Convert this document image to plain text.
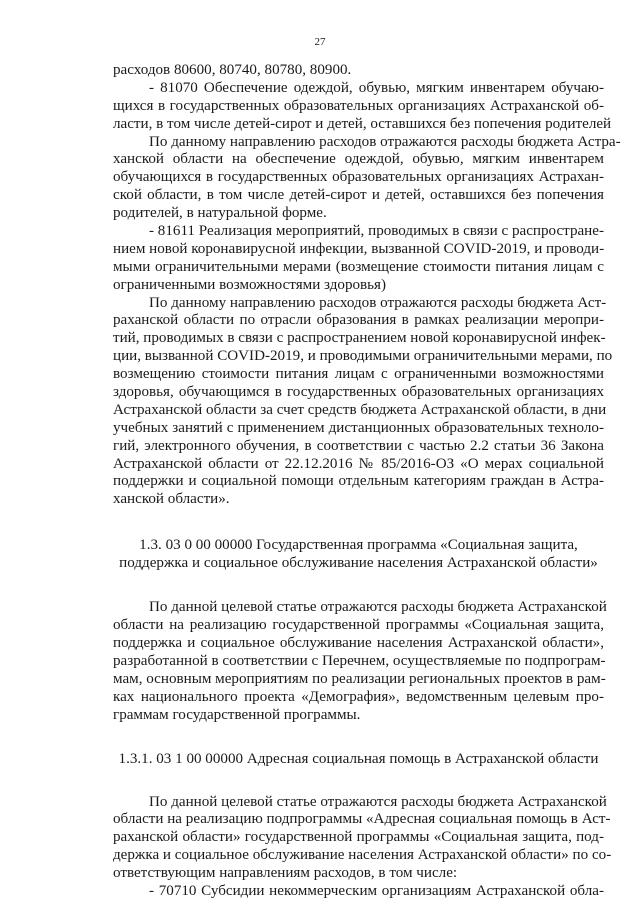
27
расходов 80600, 80740, 80780, 80900.
- 81070 Обеспечение одеждой, обувью, мягким инвентарем обучаю-
щихся в государственных образовательных организациях Астраханской об-
ласти, в том числе детей-сирот и детей, оставшихся без попечения родителей
По данному направлению расходов отражаются расходы бюджета Астра-
ханской области на обеспечение одеждой, обувью, мягким инвентарем
обучающихся в государственных образовательных организациях Астрахан-
ской области, в том числе детей-сирот и детей, оставшихся без попечения
родителей, в натуральной форме.
- 81611 Реализация мероприятий, проводимых в связи с распростране-
нием новой коронавирусной инфекции, вызванной COVID-2019, и проводи-
мыми ограничительными мерами (возмещение стоимости питания лицам с
ограниченными возможностями здоровья)
По данному направлению расходов отражаются расходы бюджета Аст-
раханской области по отрасли образования в рамках реализации меропри-
тий, проводимых в связи с распространением новой коронавирусной инфек-
ции, вызванной COVID-2019, и проводимыми ограничительными мерами, по
возмещению стоимости питания лицам с ограниченными возможностями
здоровья, обучающимся в государственных образовательных организациях
Астраханской области за счет средств бюджета Астраханской области, в дни
учебных занятий с применением дистанционных образовательных техноло-
гий, электронного обучения, в соответствии с частью 2.2 статьи 36 Закона
Астраханской области от 22.12.2016 № 85/2016-ОЗ «О мерах социальной
поддержки и социальной помощи отдельным категориям граждан в Астра-
ханской области».
1.3. 03 0 00 00000 Государственная программа «Социальная защита,
поддержка и социальное обслуживание населения Астраханской области»
По данной целевой статье отражаются расходы бюджета Астраханской
области на реализацию государственной программы «Социальная защита,
поддержка и социальное обслуживание населения Астраханской области»,
разработанной в соответствии с Перечнем, осуществляемые по подпрограм-
мам, основным мероприятиям по реализации региональных проектов в рам-
ках национального проекта «Демография», ведомственным целевым про-
граммам государственной программы.
1.3.1. 03 1 00 00000 Адресная социальная помощь в Астраханской области
По данной целевой статье отражаются расходы бюджета Астраханской
области на реализацию подпрограммы «Адресная социальная помощь в Аст-
раханской области» государственной программы «Социальная защита, под-
держка и социальное обслуживание населения Астраханской области» по со-
ответствующим направлениям расходов, в том числе:
- 70710 Субсидии некоммерческим организациям Астраханской обла-
